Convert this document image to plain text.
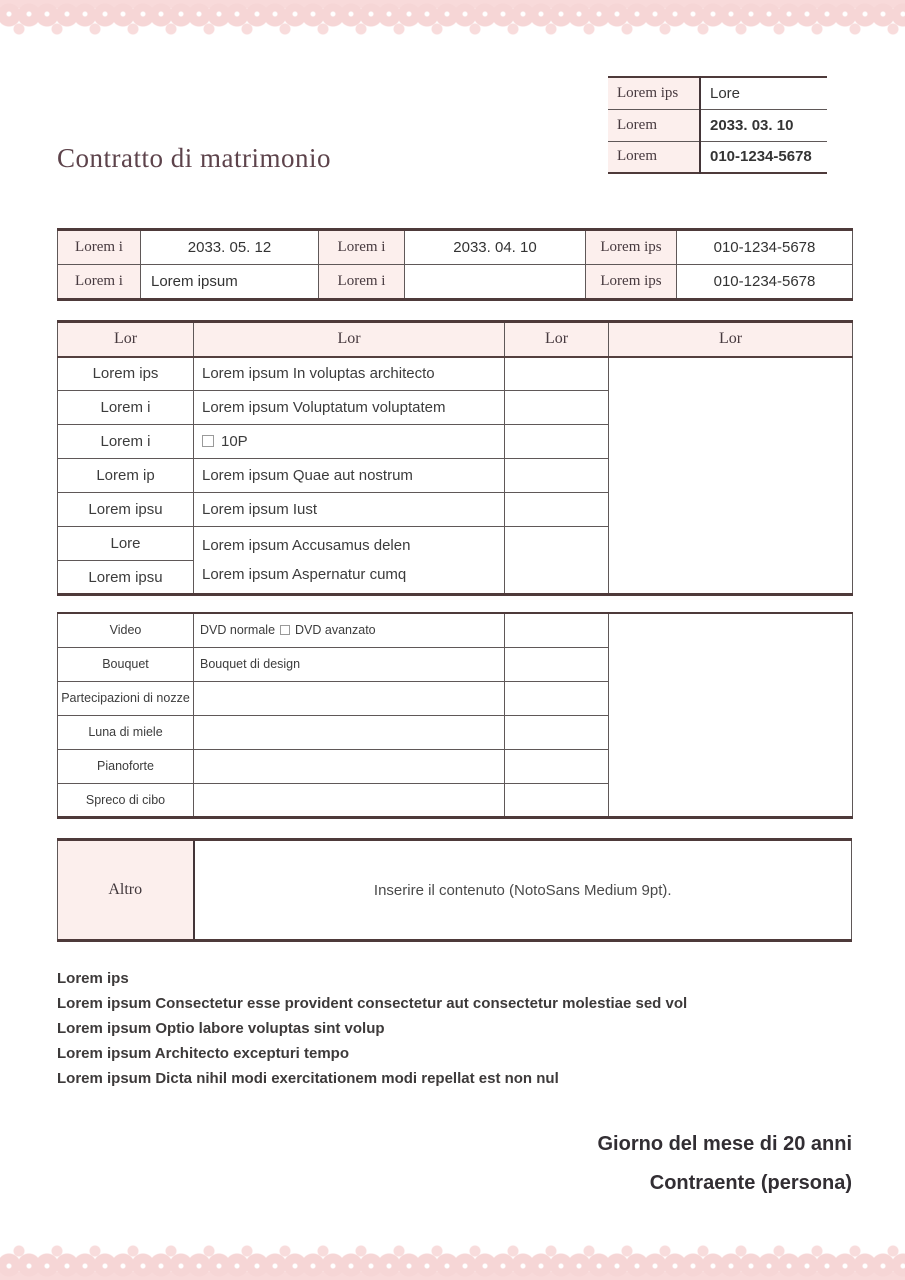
Lorem ips	Lore
Lorem	2033. 03. 10
Lorem	010-1234-5678
Contratto di matrimonio
Lorem i	2033. 05. 12	Lorem i	2033. 04. 10	Lorem ips	010-1234-5678
Lorem i	Lorem ipsum	Lorem i		Lorem ips	010-1234-5678
Lor	Lor	Lor	Lor
Lorem ips	Lorem ipsum In voluptas architecto		
Lorem i	Lorem ipsum Voluptatum voluptatem		
Lorem i	10P		
Lorem ip	Lorem ipsum Quae aut nostrum		
Lorem ipsu	Lorem ipsum Iust		
Lore	Lorem ipsum Accusamus delen
Lorem ipsum Aspernatur cumq		

Lorem ipsu			
Video	DVD normale DVD avanzato		
Bouquet	Bouquet di design		
Partecipazioni di nozze			
Luna di miele			
Pianoforte			
Spreco di cibo			
Altro	Inserire il contenuto (NotoSans Medium 9pt).
Lorem ips
Lorem ipsum Consectetur esse provident consectetur aut consectetur molestiae sed vol
Lorem ipsum Optio labore voluptas sint volup
Lorem ipsum Architecto excepturi tempo
Lorem ipsum Dicta nihil modi exercitationem modi repellat est non nul
Giorno del mese di 20 anni
Contraente (persona)
